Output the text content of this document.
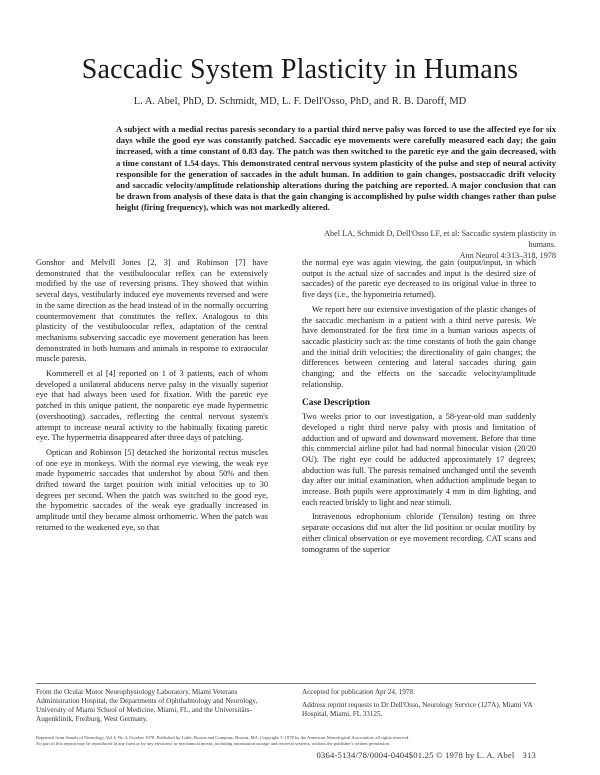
Saccadic System Plasticity in Humans
L. A. Abel, PhD, D. Schmidt, MD, L. F. Dell'Osso, PhD, and R. B. Daroff, MD
A subject with a medial rectus paresis secondary to a partial third nerve palsy was forced to use the affected eye for six days while the good eye was constantly patched. Saccadic eye movements were carefully measured each day; the gain increased, with a time constant of 0.83 day. The patch was then switched to the paretic eye and the gain decreased, with a time constant of 1.54 days. This demonstrated central nervous system plasticity of the pulse and step of neural activity responsible for the generation of saccades in the adult human. In addition to gain changes, postsaccadic drift velocity and saccadic velocity/amplitude relationship alterations during the patching are reported. A major conclusion that can be drawn from analysis of these data is that the gain changing is accomplished by pulse width changes rather than pulse height (firing frequency), which was not markedly altered.
Abel LA, Schmidt D, Dell'Osso LF, et al: Saccadic system plasticity in humans.
Ann Neurol 4:313–318, 1978

Gonshor and Melvill Jones [2, 3] and Robinson [7] have demonstrated that the vestibuloocular reflex can be extensively modified by the use of reversing prisms. They showed that within several days, vestibularly induced eye movements reversed and were in the same direction as the head instead of in the normally occurring countermovement that constitutes the reflex. Analogous to this plasticity of the vestibuloocular reflex, adaptation of the central mechanisms subserving saccadic eye movement generation has been demonstrated in both humans and animals in response to extraocular muscle paresis.

Kommerell et al [4] reported on 1 of 3 patients, each of whom developed a unilateral abducens nerve palsy in the visually superior eye that had always been used for fixation. With the paretic eye patched in this unique patient, the nonparetic eye made hypermetric (overshooting) saccades, reflecting the central nervous system's attempt to increase neural activity to the habitually fixating paretic eye. The hypermetria disappeared after three days of patching.

Optican and Robinson [5] detached the horizontal rectus muscles of one eye in monkeys. With the normal eye viewing, the weak eye made hypometric saccades that undershot by about 50% and then drifted toward the target position with initial velocities up to 30 degrees per second. When the patch was switched to the good eye, the hypometric saccades of the weak eye gradually increased in amplitude until they became almost orthometric. When the patch was returned to the weakened eye, so that

the normal eye was again viewing, the gain (output/input, in which output is the actual size of saccades and input is the desired size of saccades) of the paretic eye decreased to its original value in three to five days (i.e., the hypometria returned).

We report here our extensive investigation of the plastic changes of the saccadic mechanism in a patient with a third nerve paresis. We have demonstrated for the first time in a human various aspects of saccadic plasticity such as: the time constants of both the gain change and the initial drift velocities; the directionality of gain changes; the differences between centering and lateral saccades during gain changing; and the effects on the saccadic velocity/amplitude relationship.

Case Description

Two weeks prior to our investigation, a 58-year-old man suddenly developed a right third nerve palsy with ptosis and limitation of adduction and of upward and downward movement. Before that time this commercial airline pilot had had normal binocular vision (20/20 OU). The right eye could be adducted approximately 17 degrees; abduction was full. The paresis remained unchanged until the seventh day after our initial examination, when adduction amplitude began to increase. Both pupils were approximately 4 mm in dim lighting, and each reacted briskly to light and near stimuli.

Intravenous edrophonium chloride (Tensilon) testing on three separate occasions did not alter the lid position or ocular motility by either clinical observation or eye movement recording. CAT scans and tomograms of the superior

From the Ocular Motor Neurophysiology Laboratory, Miami Veterans Administration Hospital, the Departments of Ophthalmology and Neurology, University of Miami School of Medicine, Miami, FL, and the Universitäts-Augenklinik, Freiburg, West Germany.

Accepted for publication Apr 24, 1978.

Address reprint requests to Dr Dell'Osso, Neurology Service (127A), Miami VA Hospital, Miami, FL 33125.

Reprinted from Annals of Neurology, Vol 4, No 4, October 1978. Published by Little, Brown and Company, Boston, MA. Copyright © 1978 by the American Neurological Association; all rights reserved.
No part of this reprint may be reproduced in any form or by any electronic or mechanical means, including information storage and retrieval systems, without the publisher's written permission.
0364-5134/78/0004-0404$01.25 © 1978 by L. A. Abel 313
